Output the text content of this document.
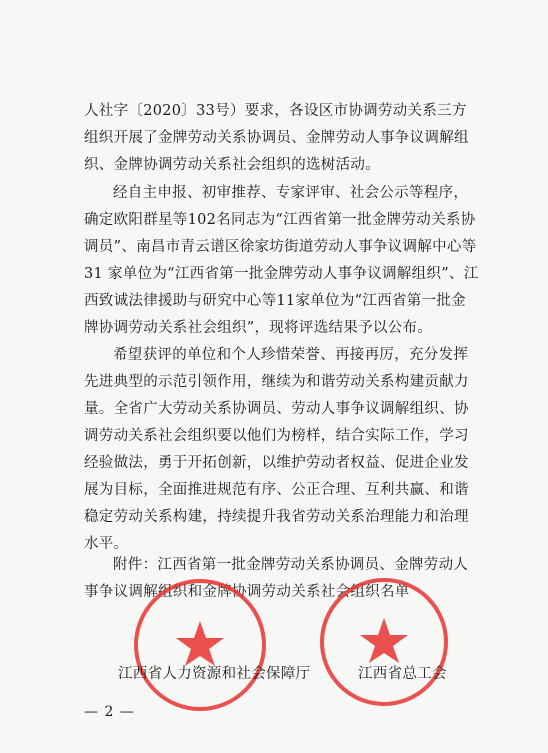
人社字〔2020〕33号）要求，各设区市协调劳动关系三方组织开展了金牌劳动关系协调员、金牌劳动人事争议调解组织、金牌协调劳动关系社会组织的选树活动。

经自主申报、初审推荐、专家评审、社会公示等程序，确定欧阳群星等102名同志为“江西省第一批金牌劳动关系协调员”、南昌市青云谱区徐家坊街道劳动人事争议调解中心等 31 家单位为“江西省第一批金牌劳动人事争议调解组织”、江西致诚法律援助与研究中心等11家单位为“江西省第一批金牌协调劳动关系社会组织”，现将评选结果予以公布。

希望获评的单位和个人珍惜荣誉、再接再厉，充分发挥先进典型的示范引领作用，继续为和谐劳动关系构建贡献力量。全省广大劳动关系协调员、劳动人事争议调解组织、协调劳动关系社会组织要以他们为榜样，结合实际工作，学习经验做法，勇于开拓创新，以维护劳动者权益、促进企业发展为目标，全面推进规范有序、公正合理、互利共赢、和谐稳定劳动关系构建，持续提升我省劳动关系治理能力和治理水平。

附件：江西省第一批金牌劳动关系协调员、金牌劳动人事争议调解组织和金牌协调劳动关系社会组织名单

江西省人力资源和社会保障厅	江西省总工会
— 2 —
